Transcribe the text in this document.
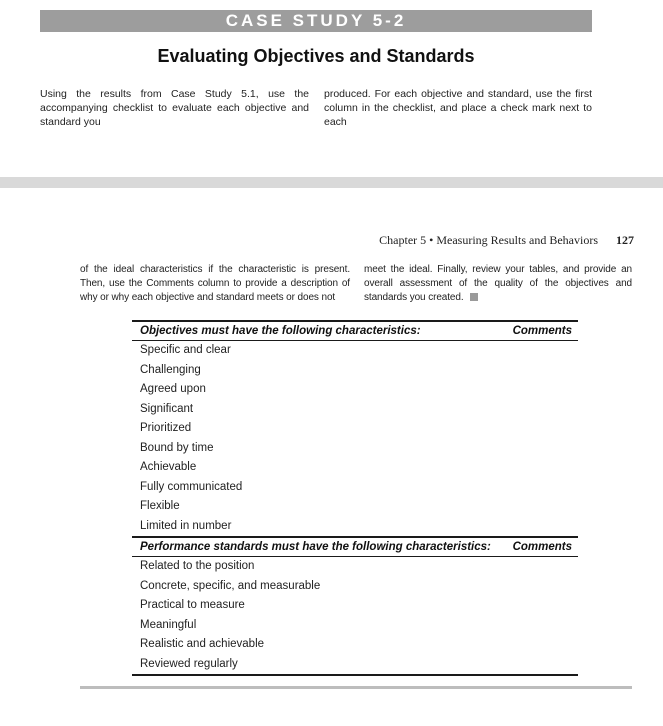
CASE STUDY 5-2
Evaluating Objectives and Standards

Using the results from Case Study 5.1, use the accompanying checklist to evaluate each objective and standard you

produced. For each objective and standard, use the first column in the checklist, and place a check mark next to each

Chapter 5 • Measuring Results and Behaviors 127

of the ideal characteristics if the characteristic is present. Then, use the Comments column to provide a description of why or why each objective and standard meets or does not

meet the ideal. Finally, review your tables, and provide an overall assessment of the quality of the objectives and standards you created.

Objectives must have the following characteristics:	Comments
Specific and clear
Challenging
Agreed upon
Significant
Prioritized
Bound by time
Achievable
Fully communicated
Flexible
Limited in number
Performance standards must have the following characteristics: Comments
Related to the position
Concrete, specific, and measurable
Practical to measure
Meaningful
Realistic and achievable
Reviewed regularly
